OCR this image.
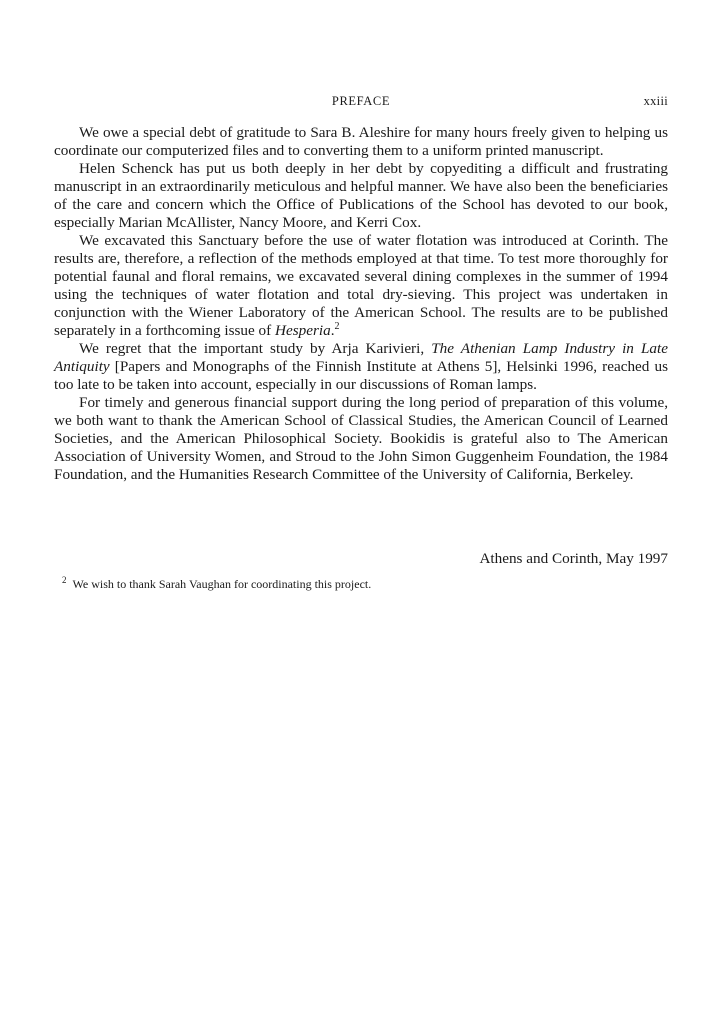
PREFACE	xxiii

We owe a special debt of gratitude to Sara B. Aleshire for many hours freely given to helping us coordinate our computerized files and to converting them to a uniform printed manuscript.

Helen Schenck has put us both deeply in her debt by copyediting a difficult and frustrating manuscript in an extraordinarily meticulous and helpful manner. We have also been the beneficiaries of the care and concern which the Office of Publications of the School has devoted to our book, especially Marian McAllister, Nancy Moore, and Kerri Cox.

We excavated this Sanctuary before the use of water flotation was introduced at Corinth. The results are, therefore, a reflection of the methods employed at that time. To test more thoroughly for potential faunal and floral remains, we excavated several dining complexes in the summer of 1994 using the techniques of water flotation and total dry-sieving. This project was undertaken in conjunction with the Wiener Laboratory of the American School. The results are to be published separately in a forthcoming issue of Hesperia.$^2$

We regret that the important study by Arja Karivieri, The Athenian Lamp Industry in Late Antiquity [Papers and Monographs of the Finnish Institute at Athens 5], Helsinki 1996, reached us too late to be taken into account, especially in our discussions of Roman lamps.

For timely and generous financial support during the long period of preparation of this volume, we both want to thank the American School of Classical Studies, the American Council of Learned Societies, and the American Philosophical Society. Bookidis is grateful also to The American Association of University Women, and Stroud to the John Simon Guggenheim Foundation, the 1984 Foundation, and the Humanities Research Committee of the University of California, Berkeley.

Athens and Corinth, May 1997
$^2$ We wish to thank Sarah Vaughan for coordinating this project.
